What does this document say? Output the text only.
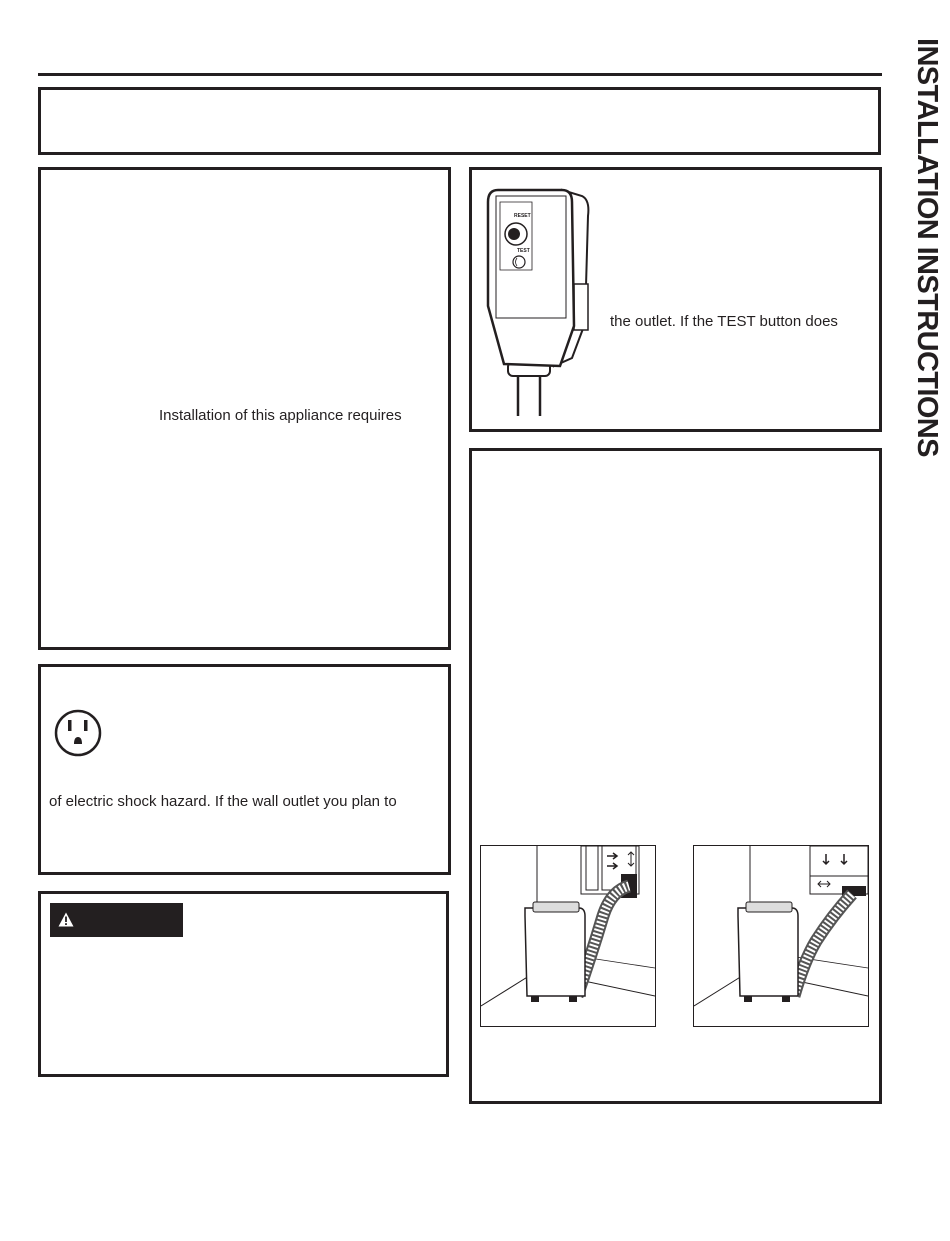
INSTALLATION INSTRUCTIONS
Installation of this appliance requires
RESET
TEST
the outlet. If the TEST button does
of electric shock hazard. If the wall outlet you plan to
